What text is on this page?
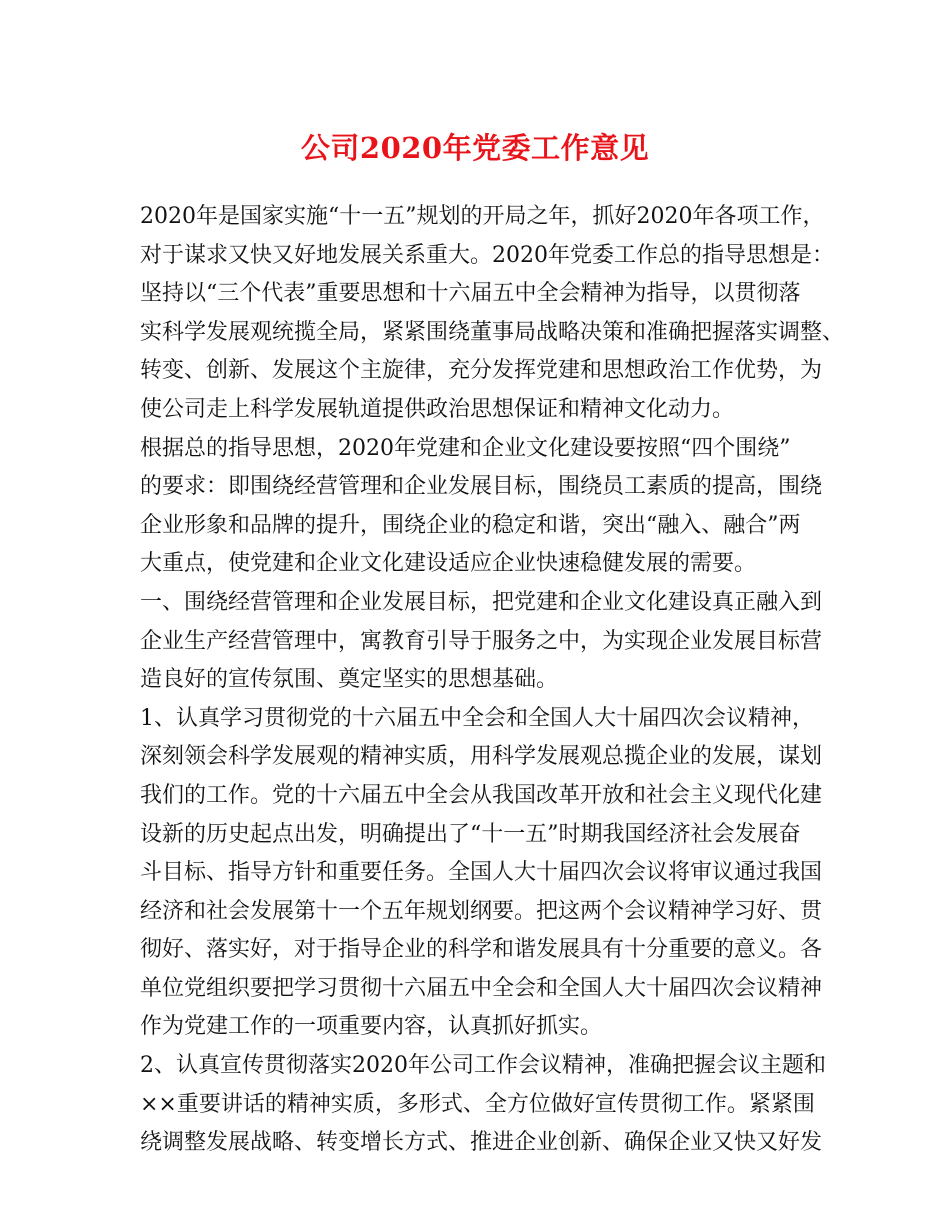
公司2020年党委工作意见
2020年是国家实施“十一五”规划的开局之年，抓好2020年各项工作，
对于谋求又快又好地发展关系重大。2020年党委工作总的指导思想是：
坚持以“三个代表”重要思想和十六届五中全会精神为指导，以贯彻落
实科学发展观统揽全局，紧紧围绕董事局战略决策和准确把握落实调整、
转变、创新、发展这个主旋律，充分发挥党建和思想政治工作优势，为
使公司走上科学发展轨道提供政治思想保证和精神文化动力。
根据总的指导思想，2020年党建和企业文化建设要按照“四个围绕”
的要求：即围绕经营管理和企业发展目标，围绕员工素质的提高，围绕
企业形象和品牌的提升，围绕企业的稳定和谐，突出“融入、融合”两
大重点，使党建和企业文化建设适应企业快速稳健发展的需要。
一、围绕经营管理和企业发展目标，把党建和企业文化建设真正融入到
企业生产经营管理中，寓教育引导于服务之中，为实现企业发展目标营
造良好的宣传氛围、奠定坚实的思想基础。
1、认真学习贯彻党的十六届五中全会和全国人大十届四次会议精神，
深刻领会科学发展观的精神实质，用科学发展观总揽企业的发展，谋划
我们的工作。党的十六届五中全会从我国改革开放和社会主义现代化建
设新的历史起点出发，明确提出了“十一五”时期我国经济社会发展奋
斗目标、指导方针和重要任务。全国人大十届四次会议将审议通过我国
经济和社会发展第十一个五年规划纲要。把这两个会议精神学习好、贯
彻好、落实好，对于指导企业的科学和谐发展具有十分重要的意义。各
单位党组织要把学习贯彻十六届五中全会和全国人大十届四次会议精神
作为党建工作的一项重要内容，认真抓好抓实。
2、认真宣传贯彻落实2020年公司工作会议精神，准确把握会议主题和
××重要讲话的精神实质，多形式、全方位做好宣传贯彻工作。紧紧围
绕调整发展战略、转变增长方式、推进企业创新、确保企业又快又好发
